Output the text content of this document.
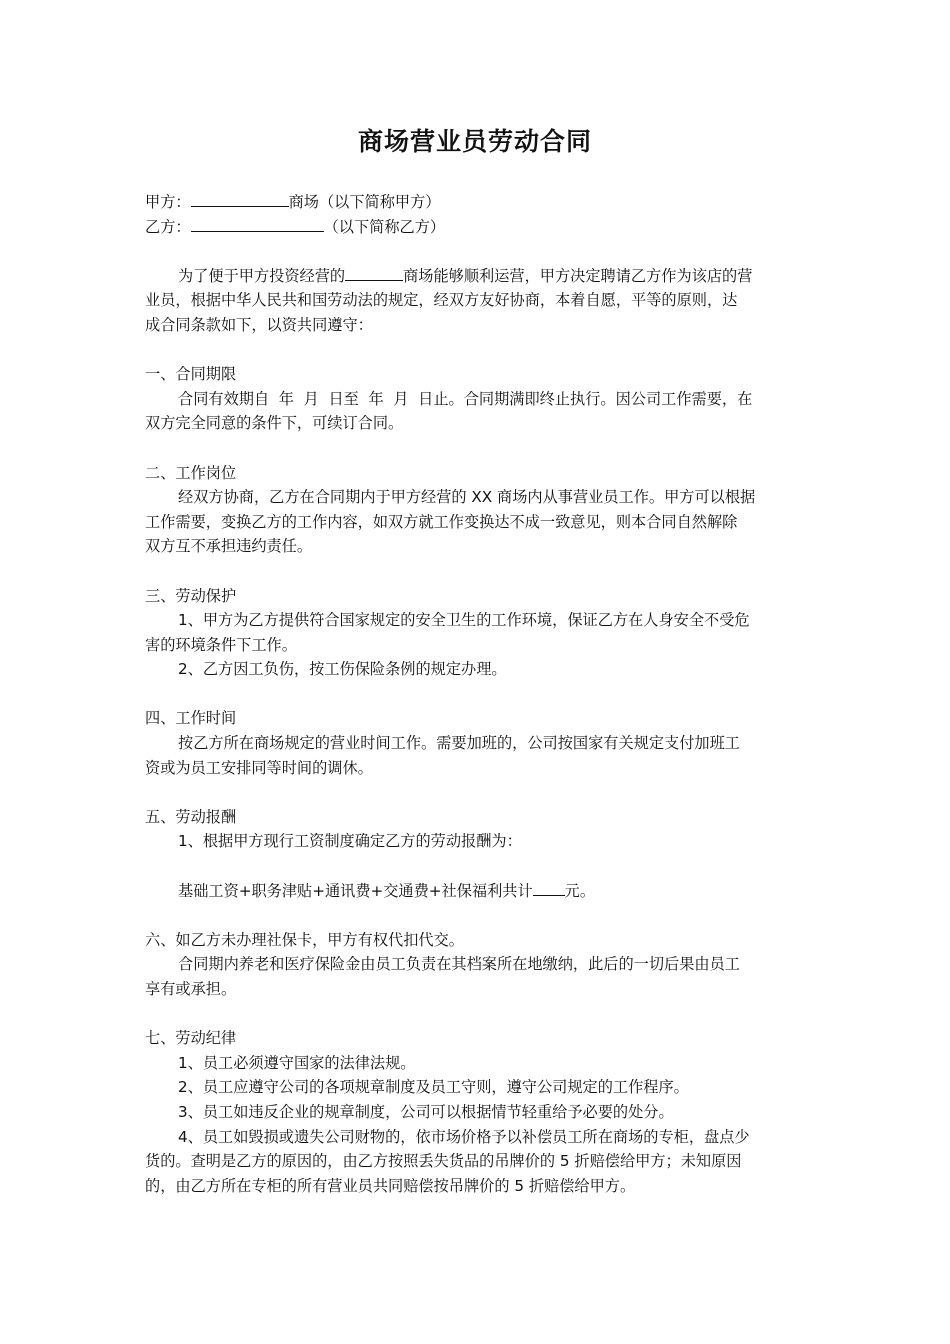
商场营业员劳动合同
甲方：	商场（以下简称甲方）
乙方：	（以下简称乙方）
为了便于甲方投资经营的	商场能够顺利运营，甲方决定聘请乙方作为该店的营
业员，根据中华人民共和国劳动法的规定，经双方友好协商，本着自愿，平等的原则，达
成合同条款如下，以资共同遵守：
一、合同期限
合同有效期自  年  月  日至  年  月  日止。合同期满即终止执行。因公司工作需要，在
双方完全同意的条件下，可续订合同。
二、工作岗位
经双方协商，乙方在合同期内于甲方经营的 XX 商场内从事营业员工作。甲方可以根据
工作需要，变换乙方的工作内容，如双方就工作变换达不成一致意见，则本合同自然解除
双方互不承担违约责任。
三、劳动保护
1、甲方为乙方提供符合国家规定的安全卫生的工作环境，保证乙方在人身安全不受危
害的环境条件下工作。
2、乙方因工负伤，按工伤保险条例的规定办理。
四、工作时间
按乙方所在商场规定的营业时间工作。需要加班的，公司按国家有关规定支付加班工
资或为员工安排同等时间的调休。
五、劳动报酬
1、根据甲方现行工资制度确定乙方的劳动报酬为：
基础工资+职务津贴+通讯费+交通费+社保福利共计 元。
六、如乙方未办理社保卡，甲方有权代扣代交。
合同期内养老和医疗保险金由员工负责在其档案所在地缴纳，此后的一切后果由员工
享有或承担。
七、劳动纪律
1、员工必须遵守国家的法律法规。
2、员工应遵守公司的各项规章制度及员工守则，遵守公司规定的工作程序。
3、员工如违反企业的规章制度，公司可以根据情节轻重给予必要的处分。
4、员工如毁损或遗失公司财物的，依市场价格予以补偿员工所在商场的专柜，盘点少
货的。查明是乙方的原因的，由乙方按照丢失货品的吊牌价的 5 折赔偿给甲方；未知原因
的，由乙方所在专柜的所有营业员共同赔偿按吊牌价的 5 折赔偿给甲方。
